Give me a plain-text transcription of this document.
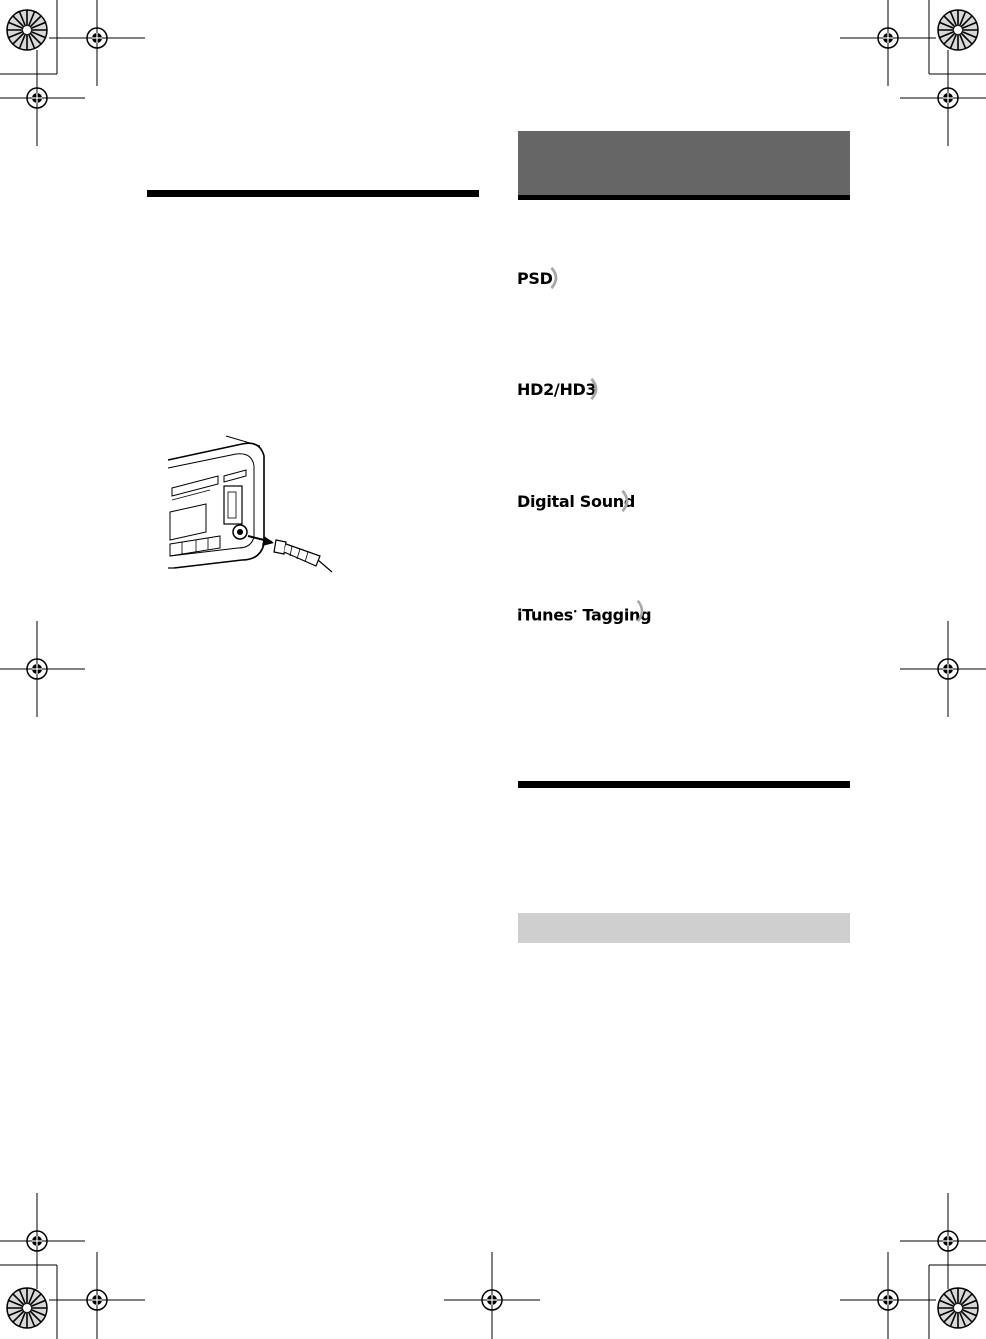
PSD
HD2/HD3
Digital Sound
iTunes• Tagging
